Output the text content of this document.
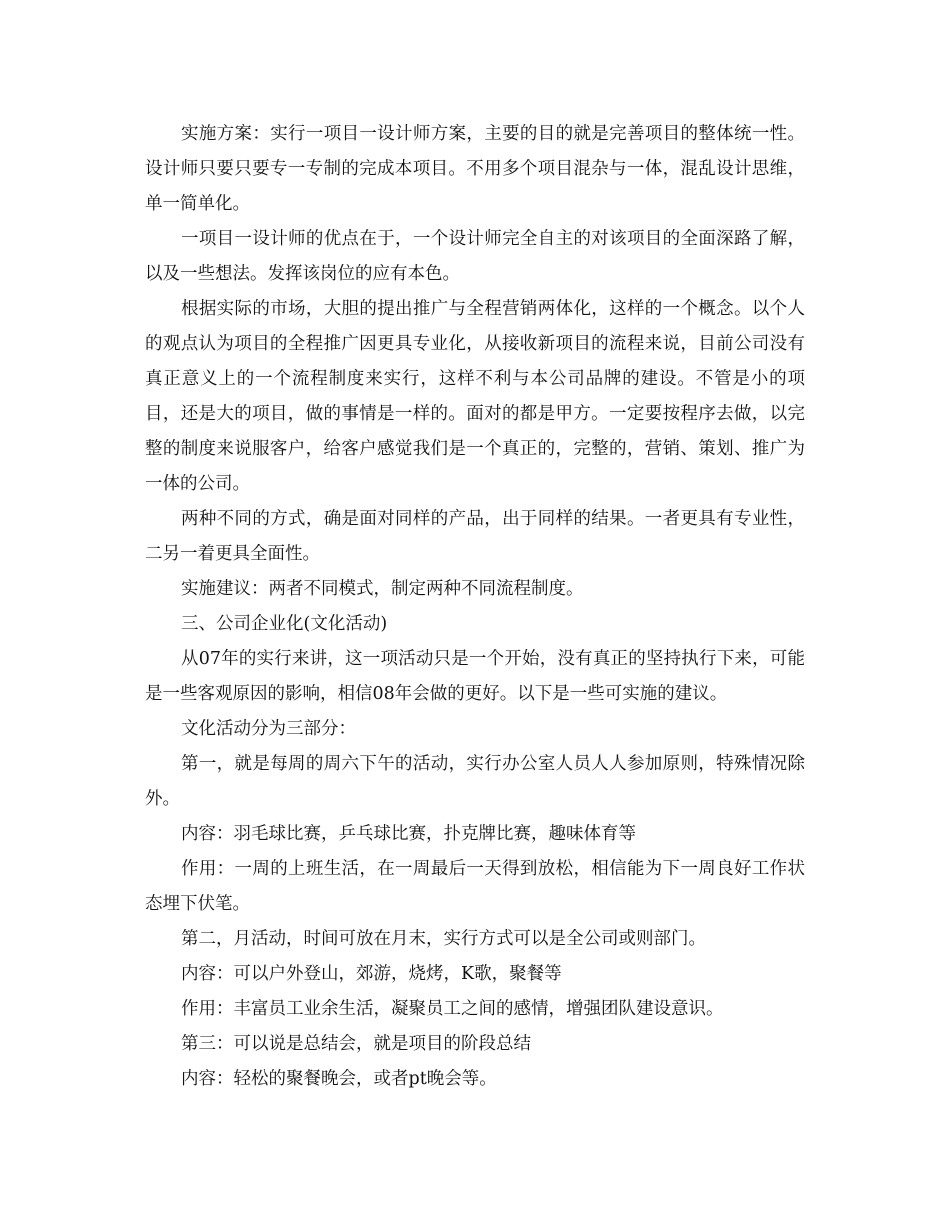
实施方案：实行一项目一设计师方案，主要的目的就是完善项目的整体统一性。设计师只要只要专一专制的完成本项目。不用多个项目混杂与一体，混乱设计思维，单一简单化。

一项目一设计师的优点在于，一个设计师完全自主的对该项目的全面深路了解，以及一些想法。发挥该岗位的应有本色。

根据实际的市场，大胆的提出推广与全程营销两体化，这样的一个概念。以个人的观点认为项目的全程推广因更具专业化，从接收新项目的流程来说，目前公司没有真正意义上的一个流程制度来实行，这样不利与本公司品牌的建设。不管是小的项目，还是大的项目，做的事情是一样的。面对的都是甲方。一定要按程序去做，以完整的制度来说服客户，给客户感觉我们是一个真正的，完整的，营销、策划、推广为一体的公司。

两种不同的方式，确是面对同样的产品，出于同样的结果。一者更具有专业性，二另一着更具全面性。

实施建议：两者不同模式，制定两种不同流程制度。

三、公司企业化(文化活动)

从07年的实行来讲，这一项活动只是一个开始，没有真正的坚持执行下来，可能是一些客观原因的影响，相信08年会做的更好。以下是一些可实施的建议。

文化活动分为三部分：

第一，就是每周的周六下午的活动，实行办公室人员人人参加原则，特殊情况除外。

内容：羽毛球比赛，乒乓球比赛，扑克牌比赛，趣味体育等

作用：一周的上班生活，在一周最后一天得到放松，相信能为下一周良好工作状态埋下伏笔。

第二，月活动，时间可放在月末，实行方式可以是全公司或则部门。

内容：可以户外登山，郊游，烧烤，K歌，聚餐等

作用：丰富员工业余生活，凝聚员工之间的感情，增强团队建设意识。

第三：可以说是总结会，就是项目的阶段总结

内容：轻松的聚餐晚会，或者pt晚会等。
